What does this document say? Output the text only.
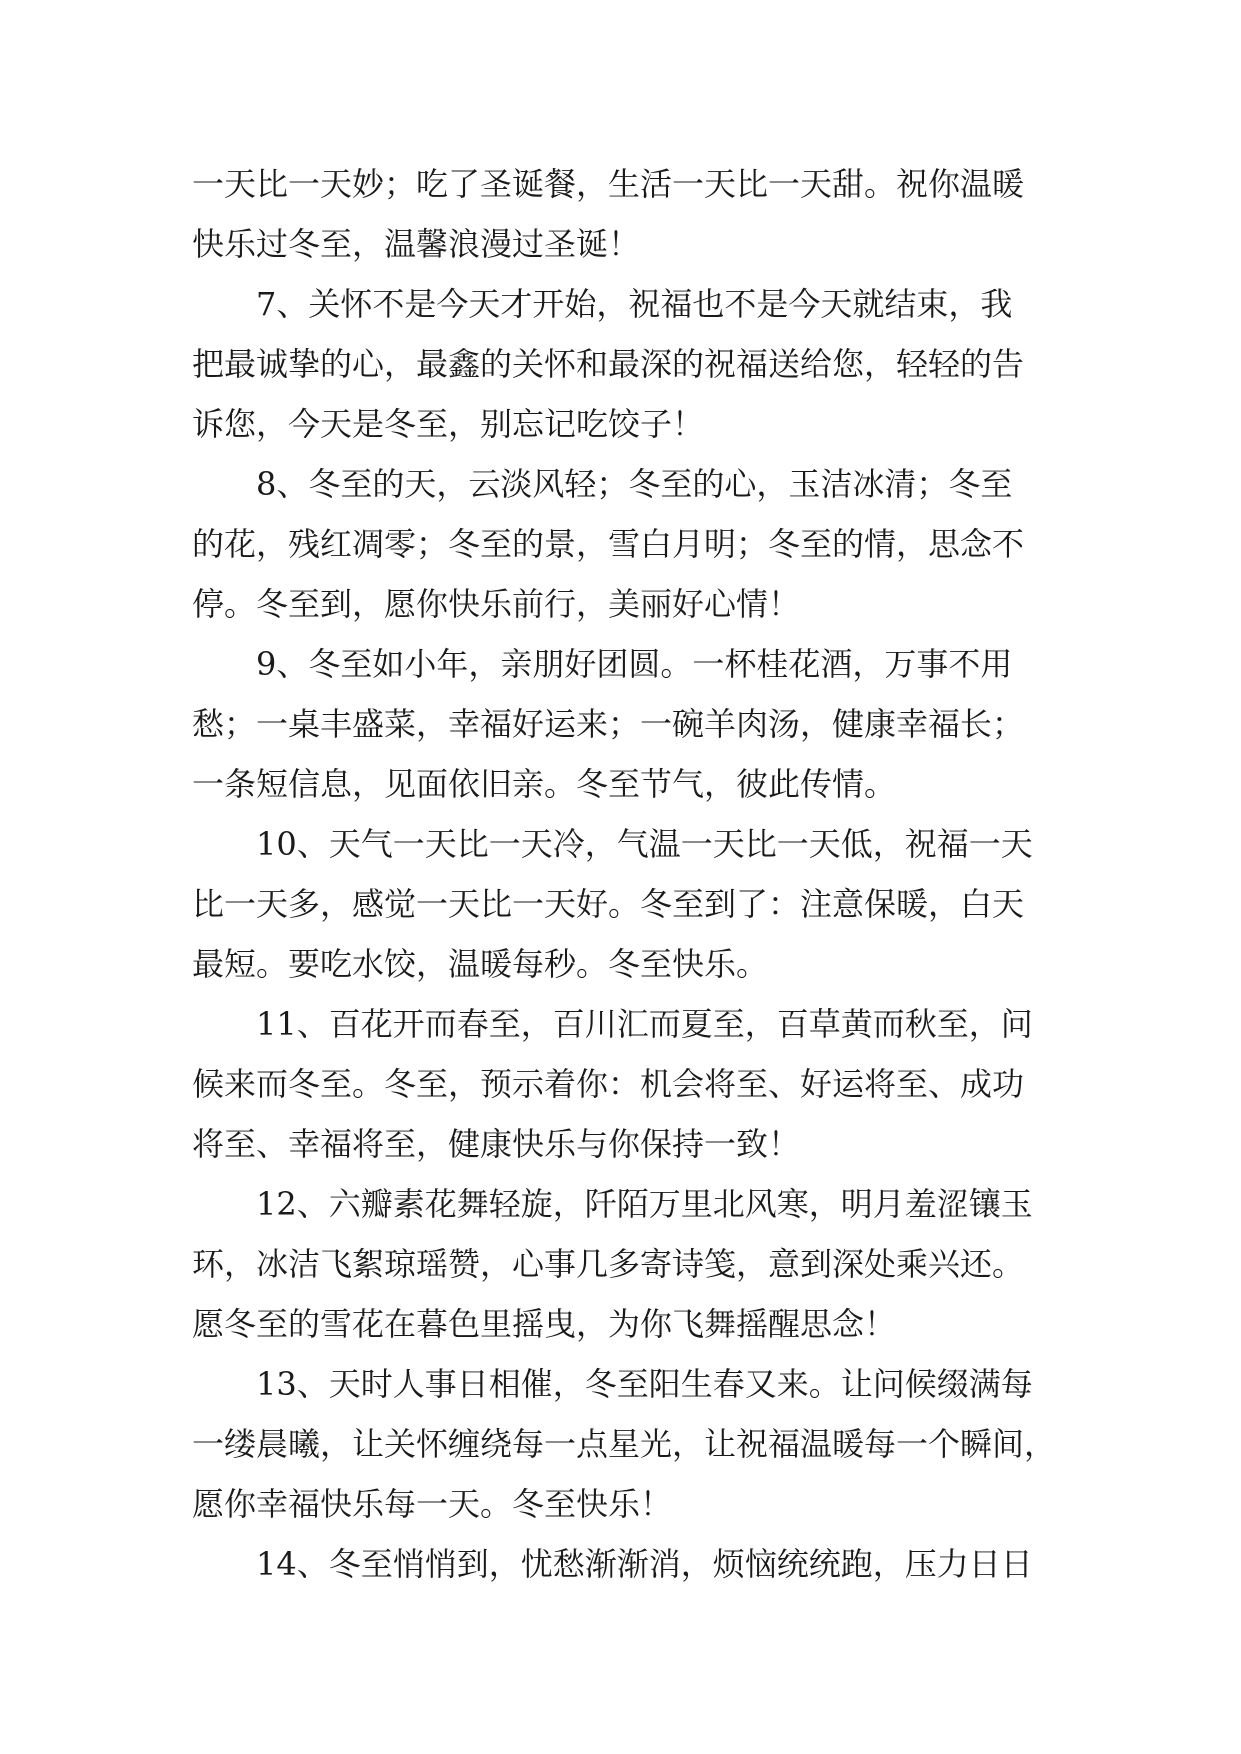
一天比一天妙；吃了圣诞餐，生活一天比一天甜。祝你温暖
快乐过冬至，温馨浪漫过圣诞！
7、关怀不是今天才开始，祝福也不是今天就结束，我
把最诚挚的心，最鑫的关怀和最深的祝福送给您，轻轻的告
诉您，今天是冬至，别忘记吃饺子！
8、冬至的天，云淡风轻；冬至的心，玉洁冰清；冬至
的花，残红凋零；冬至的景，雪白月明；冬至的情，思念不
停。冬至到，愿你快乐前行，美丽好心情！
9、冬至如小年，亲朋好团圆。一杯桂花酒，万事不用
愁；一桌丰盛菜，幸福好运来；一碗羊肉汤，健康幸福长；
一条短信息，见面依旧亲。冬至节气，彼此传情。
10、天气一天比一天冷，气温一天比一天低，祝福一天
比一天多，感觉一天比一天好。冬至到了：注意保暖，白天
最短。要吃水饺，温暖每秒。冬至快乐。
11、百花开而春至，百川汇而夏至，百草黄而秋至，问
候来而冬至。冬至，预示着你：机会将至、好运将至、成功
将至、幸福将至，健康快乐与你保持一致！
12、六瓣素花舞轻旋，阡陌万里北风寒，明月羞涩镶玉
环，冰洁飞絮琼瑶赞，心事几多寄诗笺，意到深处乘兴还。
愿冬至的雪花在暮色里摇曳，为你飞舞摇醒思念！
13、天时人事日相催，冬至阳生春又来。让问候缀满每
一缕晨曦，让关怀缠绕每一点星光，让祝福温暖每一个瞬间，
愿你幸福快乐每一天。冬至快乐！
14、冬至悄悄到，忧愁渐渐消，烦恼统统跑，压力日日
